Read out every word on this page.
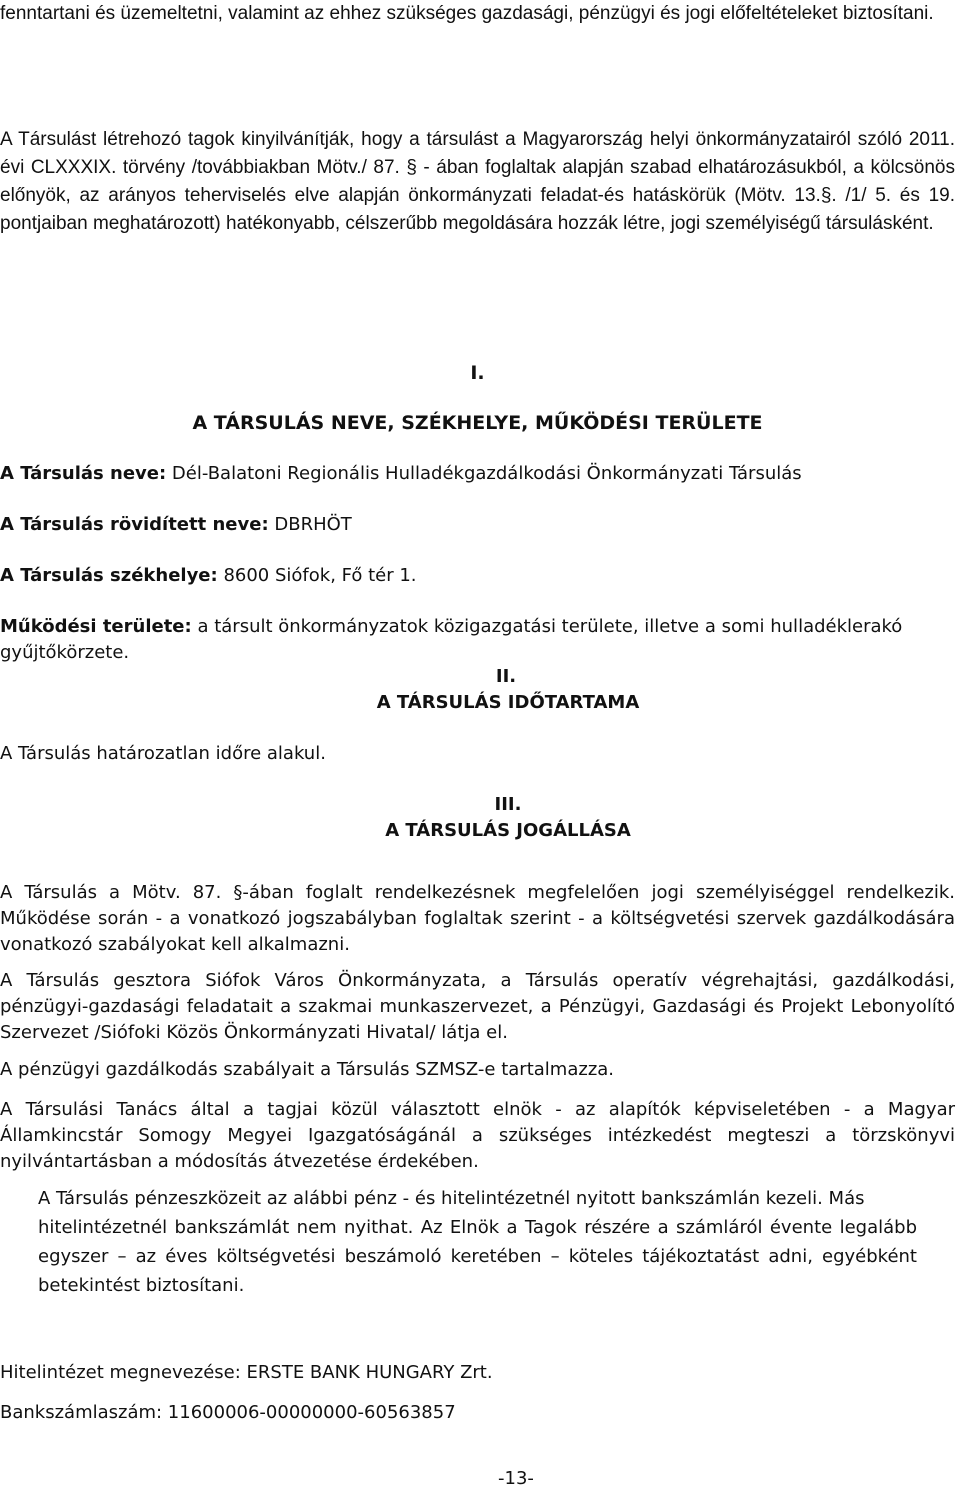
fenntartani és üzemeltetni, valamint az ehhez szükséges gazdasági, pénzügyi és jogi előfeltételeket biztosítani.

A Társulást létrehozó tagok kinyilvánítják, hogy a társulást a Magyarország helyi önkormányzatairól szóló 2011. évi CLXXXIX. törvény /továbbiakban Mötv./ 87. § - ában foglaltak alapján szabad elhatározásukból, a kölcsönös előnyök, az arányos teherviselés elve alapján önkormányzati feladat-és hatáskörük (Mötv. 13.§. /1/ 5. és 19. pontjaiban meghatározott) hatékonyabb, célszerűbb megoldására hozzák létre, jogi személyiségű társulásként.

I.

A TÁRSULÁS NEVE, SZÉKHELYE, MŰKÖDÉSI TERÜLETE

A Társulás neve: Dél-Balatoni Regionális Hulladékgazdálkodási Önkormányzati Társulás

A Társulás rövidített neve: DBRHÖT

A Társulás székhelye: 8600 Siófok, Fő tér 1.

Működési területe: a társult önkormányzatok közigazgatási területe, illetve a somi hulladéklerakó gyűjtőkörzete.

II.

A TÁRSULÁS IDŐTARTAMA

A Társulás határozatlan időre alakul.

III.

A TÁRSULÁS JOGÁLLÁSA

A Társulás a Mötv. 87. §-ában foglalt rendelkezésnek megfelelően jogi személyiséggel rendelkezik. Működése során - a vonatkozó jogszabályban foglaltak szerint - a költségvetési szervek gazdálkodására vonatkozó szabályokat kell alkalmazni.

A Társulás gesztora Siófok Város Önkormányzata, a Társulás operatív végrehajtási, gazdálkodási, pénzügyi-gazdasági feladatait a szakmai munkaszervezet, a Pénzügyi, Gazdasági és Projekt Lebonyolító Szervezet /Siófoki Közös Önkormányzati Hivatal/ látja el.

A pénzügyi gazdálkodás szabályait a Társulás SZMSZ-e tartalmazza.

A Társulási Tanács által a tagjai közül választott elnök - az alapítók képviseletében - a Magyar Államkincstár Somogy Megyei Igazgatóságánál a szükséges intézkedést megteszi a törzskönyvi nyilvántartásban a módosítás átvezetése érdekében.

A Társulás pénzeszközeit az alábbi pénz - és hitelintézetnél nyitott bankszámlán kezeli. Más
hitelintézetnél bankszámlát nem nyithat. Az Elnök a Tagok részére a számláról évente legalább egyszer – az éves költségvetési beszámoló keretében – köteles tájékoztatást adni, egyébként betekintést biztosítani.

Hitelintézet megnevezése: ERSTE BANK HUNGARY Zrt.

Bankszámlaszám: 11600006-00000000-60563857

-13-
